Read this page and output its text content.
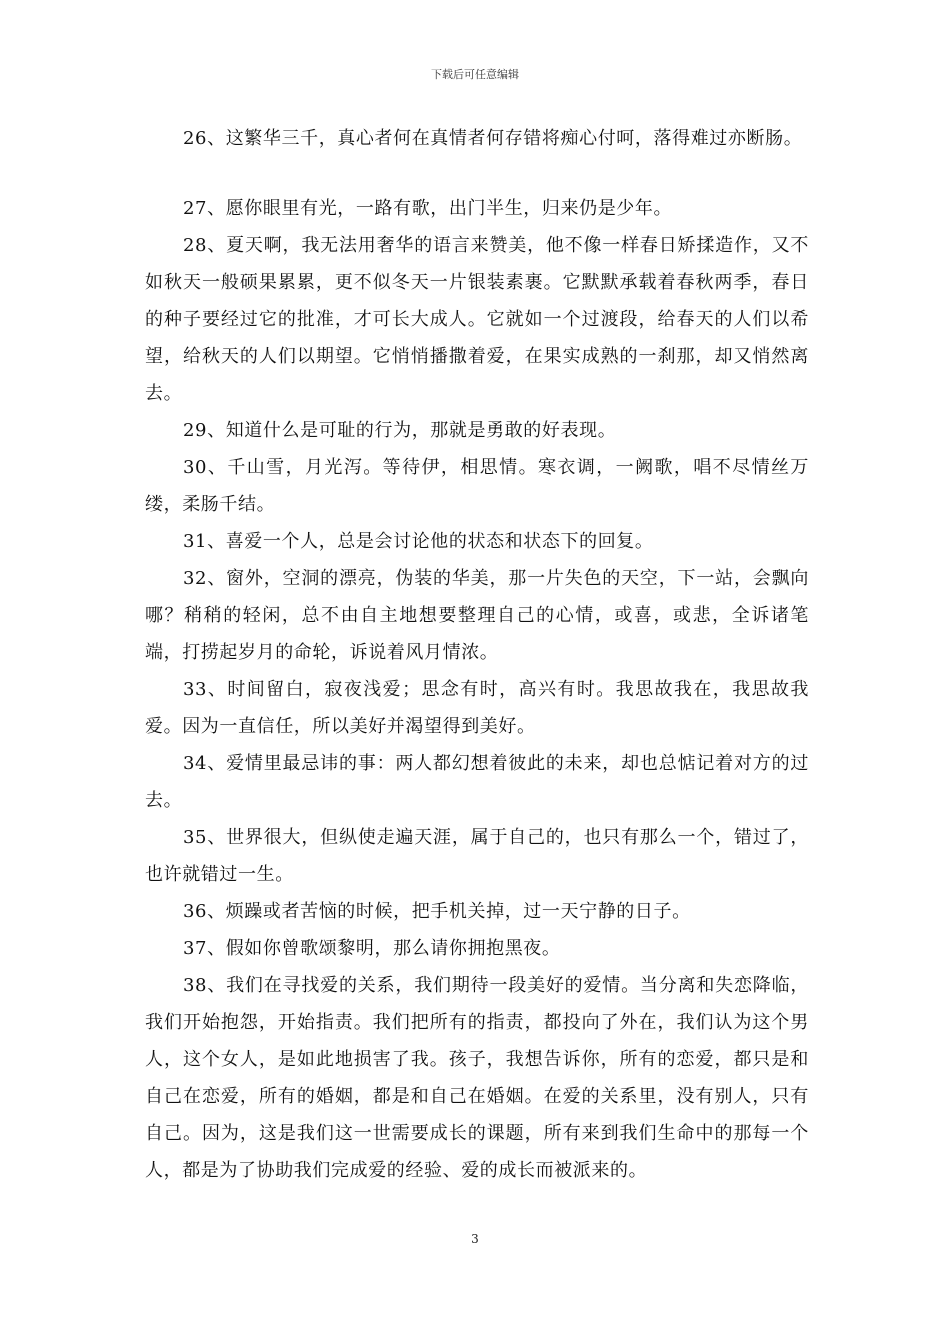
下载后可任意编辑

26、这繁华三千，真心者何在真情者何存错将痴心付呵，落得难过亦断肠。

27、愿你眼里有光，一路有歌，出门半生，归来仍是少年。

28、夏天啊，我无法用奢华的语言来赞美，他不像一样春日矫揉造作，又不如秋天一般硕果累累，更不似冬天一片银装素裹。它默默承载着春秋两季，春日的种子要经过它的批准，才可长大成人。它就如一个过渡段，给春天的人们以希望，给秋天的人们以期望。它悄悄播撒着爱，在果实成熟的一刹那，却又悄然离去。

29、知道什么是可耻的行为，那就是勇敢的好表现。

30、千山雪，月光泻。等待伊，相思情。寒衣调，一阙歌，唱不尽情丝万缕，柔肠千结。

31、喜爱一个人，总是会讨论他的状态和状态下的回复。

32、窗外，空洞的漂亮，伪装的华美，那一片失色的天空，下一站，会飘向哪？稍稍的轻闲，总不由自主地想要整理自己的心情，或喜，或悲，全诉诸笔端，打捞起岁月的命轮，诉说着风月情浓。

33、时间留白，寂夜浅爱；思念有时，高兴有时。我思故我在，我思故我爱。因为一直信任，所以美好并渴望得到美好。

34、爱情里最忌讳的事：两人都幻想着彼此的未来，却也总惦记着对方的过去。

35、世界很大，但纵使走遍天涯，属于自己的，也只有那么一个，错过了，也许就错过一生。

36、烦躁或者苦恼的时候，把手机关掉，过一天宁静的日子。

37、假如你曾歌颂黎明，那么请你拥抱黑夜。

38、我们在寻找爱的关系，我们期待一段美好的爱情。当分离和失恋降临，我们开始抱怨，开始指责。我们把所有的指责，都投向了外在，我们认为这个男人，这个女人，是如此地损害了我。孩子，我想告诉你，所有的恋爱，都只是和自己在恋爱，所有的婚姻，都是和自己在婚姻。在爱的关系里，没有别人，只有自己。因为，这是我们这一世需要成长的课题，所有来到我们生命中的那每一个人，都是为了协助我们完成爱的经验、爱的成长而被派来的。

3
